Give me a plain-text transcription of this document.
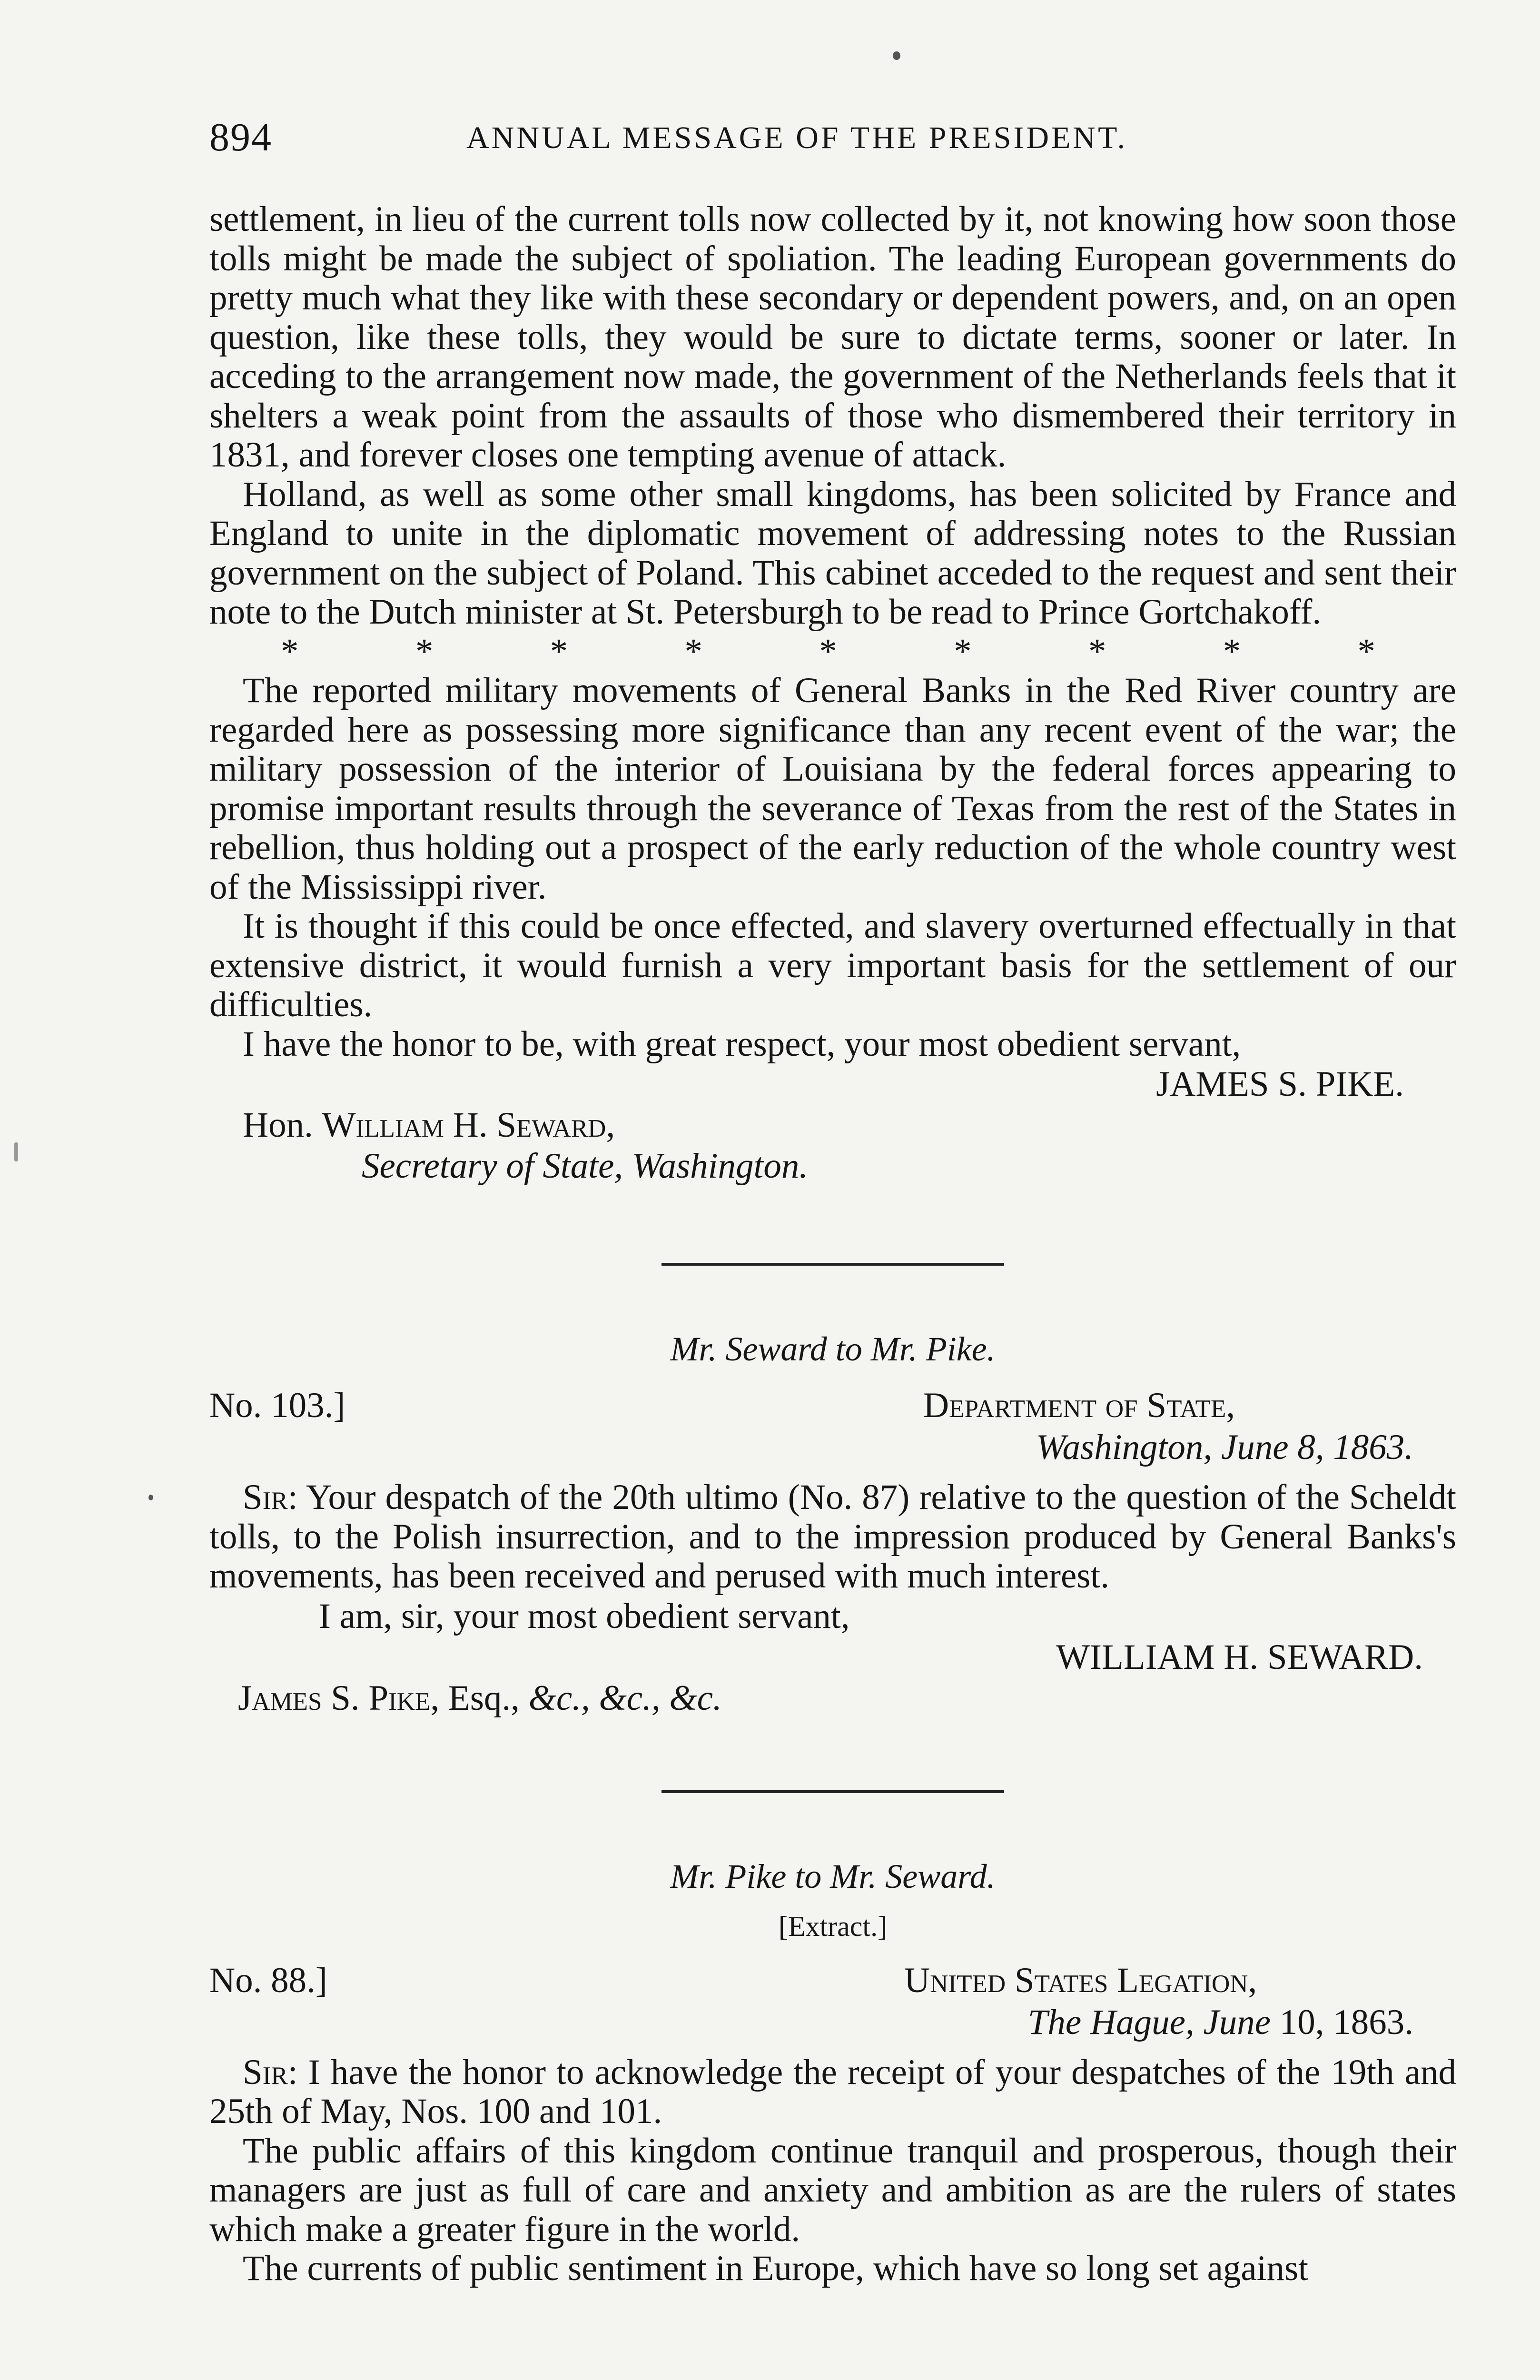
894	ANNUAL MESSAGE OF THE PRESIDENT.

settlement, in lieu of the current tolls now collected by it, not knowing how soon those tolls might be made the subject of spoliation. The leading European governments do pretty much what they like with these secondary or dependent powers, and, on an open question, like these tolls, they would be sure to dictate terms, sooner or later. In acceding to the arrangement now made, the government of the Netherlands feels that it shelters a weak point from the assaults of those who dismembered their territory in 1831, and forever closes one tempting avenue of attack.

Holland, as well as some other small kingdoms, has been solicited by France and England to unite in the diplomatic movement of addressing notes to the Russian government on the subject of Poland. This cabinet acceded to the request and sent their note to the Dutch minister at St. Petersburgh to be read to Prince Gortchakoff.

*	*	*	*	*	*	*	*	*

The reported military movements of General Banks in the Red River country are regarded here as possessing more significance than any recent event of the war; the military possession of the interior of Louisiana by the federal forces appearing to promise important results through the severance of Texas from the rest of the States in rebellion, thus holding out a prospect of the early reduction of the whole country west of the Mississippi river.

It is thought if this could be once effected, and slavery overturned effectually in that extensive district, it would furnish a very important basis for the settlement of our difficulties.

I have the honor to be, with great respect, your most obedient servant,

JAMES S. PIKE.
Hon. William H. Seward,
Secretary of State, Washington.
Mr. Seward to Mr. Pike.
No. 103.]	Department of State,
Washington, June 8, 1863.

Sir: Your despatch of the 20th ultimo (No. 87) relative to the question of the Scheldt tolls, to the Polish insurrection, and to the impression produced by General Banks's movements, has been received and perused with much interest.

I am, sir, your most obedient servant,
WILLIAM H. SEWARD.
James S. Pike, Esq., &c., &c., &c.
Mr. Pike to Mr. Seward.
[Extract.]
No. 88.]	United States Legation,
The Hague, June 10, 1863.

Sir: I have the honor to acknowledge the receipt of your despatches of the 19th and 25th of May, Nos. 100 and 101.

The public affairs of this kingdom continue tranquil and prosperous, though their managers are just as full of care and anxiety and ambition as are the rulers of states which make a greater figure in the world.

The currents of public sentiment in Europe, which have so long set against
